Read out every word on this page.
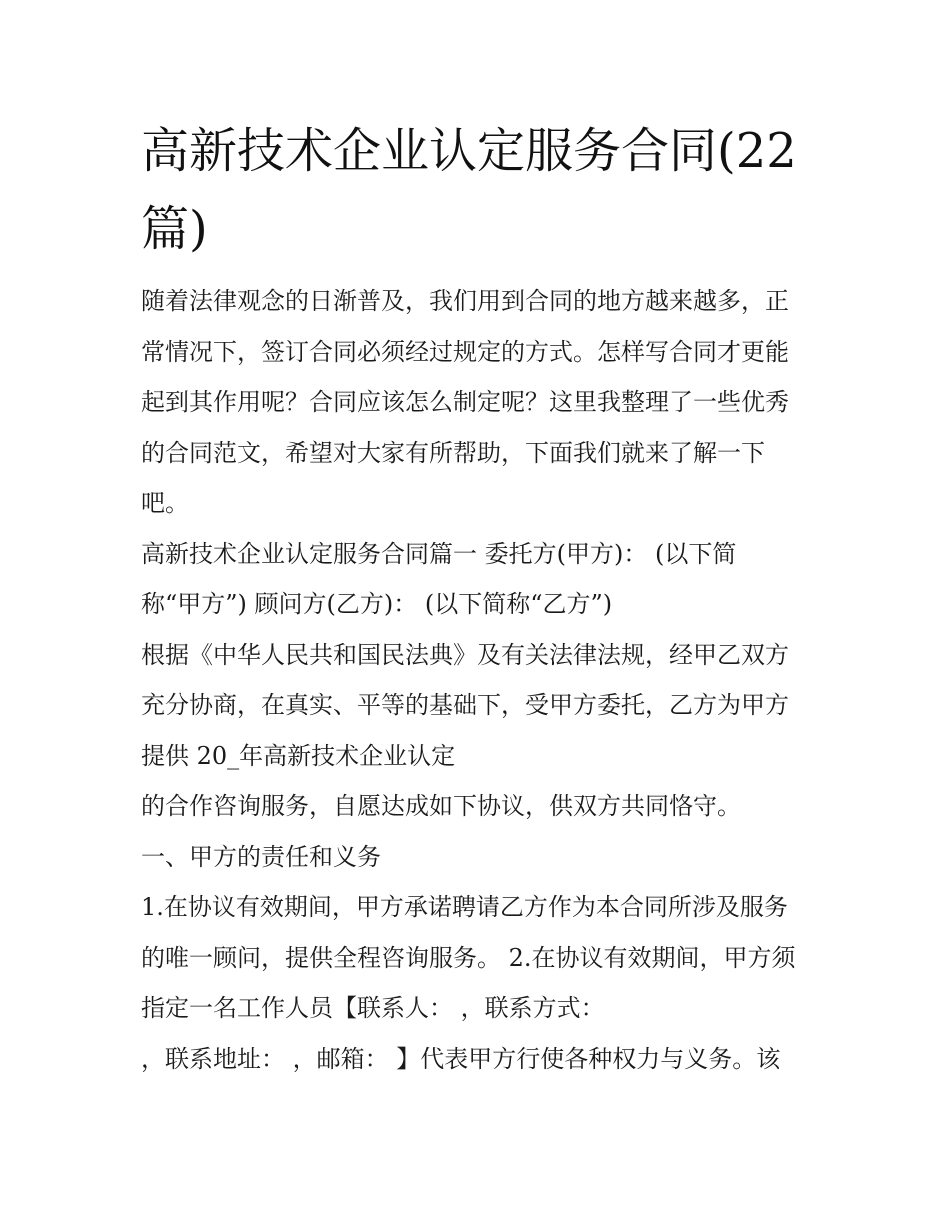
高新技术企业认定服务合同(22
篇)
随着法律观念的日渐普及，我们用到合同的地方越来越多，正
常情况下，签订合同必须经过规定的方式。怎样写合同才更能
起到其作用呢？合同应该怎么制定呢？这里我整理了一些优秀
的合同范文，希望对大家有所帮助，下面我们就来了解一下
吧。
高新技术企业认定服务合同篇一 委托方(甲方)： (以下简
称“甲方”) 顾问方(乙方)： (以下简称“乙方”)
根据《中华人民共和国民法典》及有关法律法规，经甲乙双方
充分协商，在真实、平等的基础下，受甲方委托，乙方为甲方
提供 20_年高新技术企业认定
的合作咨询服务，自愿达成如下协议，供双方共同恪守。
一、甲方的责任和义务
1.在协议有效期间，甲方承诺聘请乙方作为本合同所涉及服务
的唯一顾问，提供全程咨询服务。 2.在协议有效期间，甲方须
指定一名工作人员【联系人： ，联系方式：
，联系地址： ，邮箱： 】代表甲方行使各种权力与义务。该
